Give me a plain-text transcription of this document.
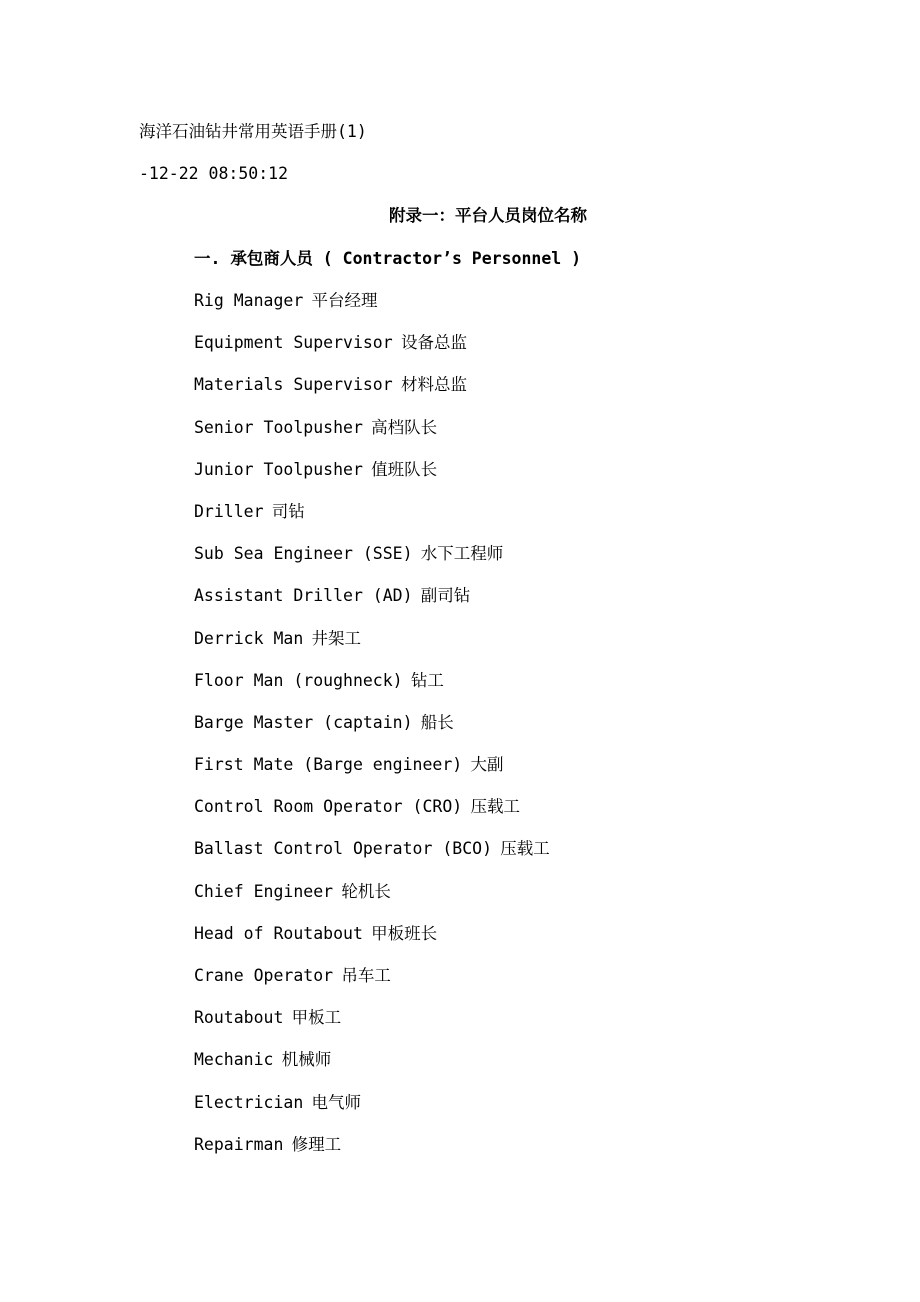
海洋石油钻井常用英语手册(1)
-12-22 08:50:12
附录一：平台人员岗位名称
一. 承包商人员 ( Contractor’s Personnel )
Rig Manager 平台经理
Equipment Supervisor 设备总监
Materials Supervisor 材料总监
Senior Toolpusher 高档队长
Junior Toolpusher 值班队长
Driller 司钻
Sub Sea Engineer (SSE) 水下工程师
Assistant Driller (AD) 副司钻
Derrick Man 井架工
Floor Man (roughneck) 钻工
Barge Master (captain) 船长
First Mate (Barge engineer) 大副
Control Room Operator (CRO) 压载工
Ballast Control Operator (BCO) 压载工
Chief Engineer 轮机长
Head of Routabout 甲板班长
Crane Operator 吊车工
Routabout 甲板工
Mechanic 机械师
Electrician 电气师
Repairman 修理工
